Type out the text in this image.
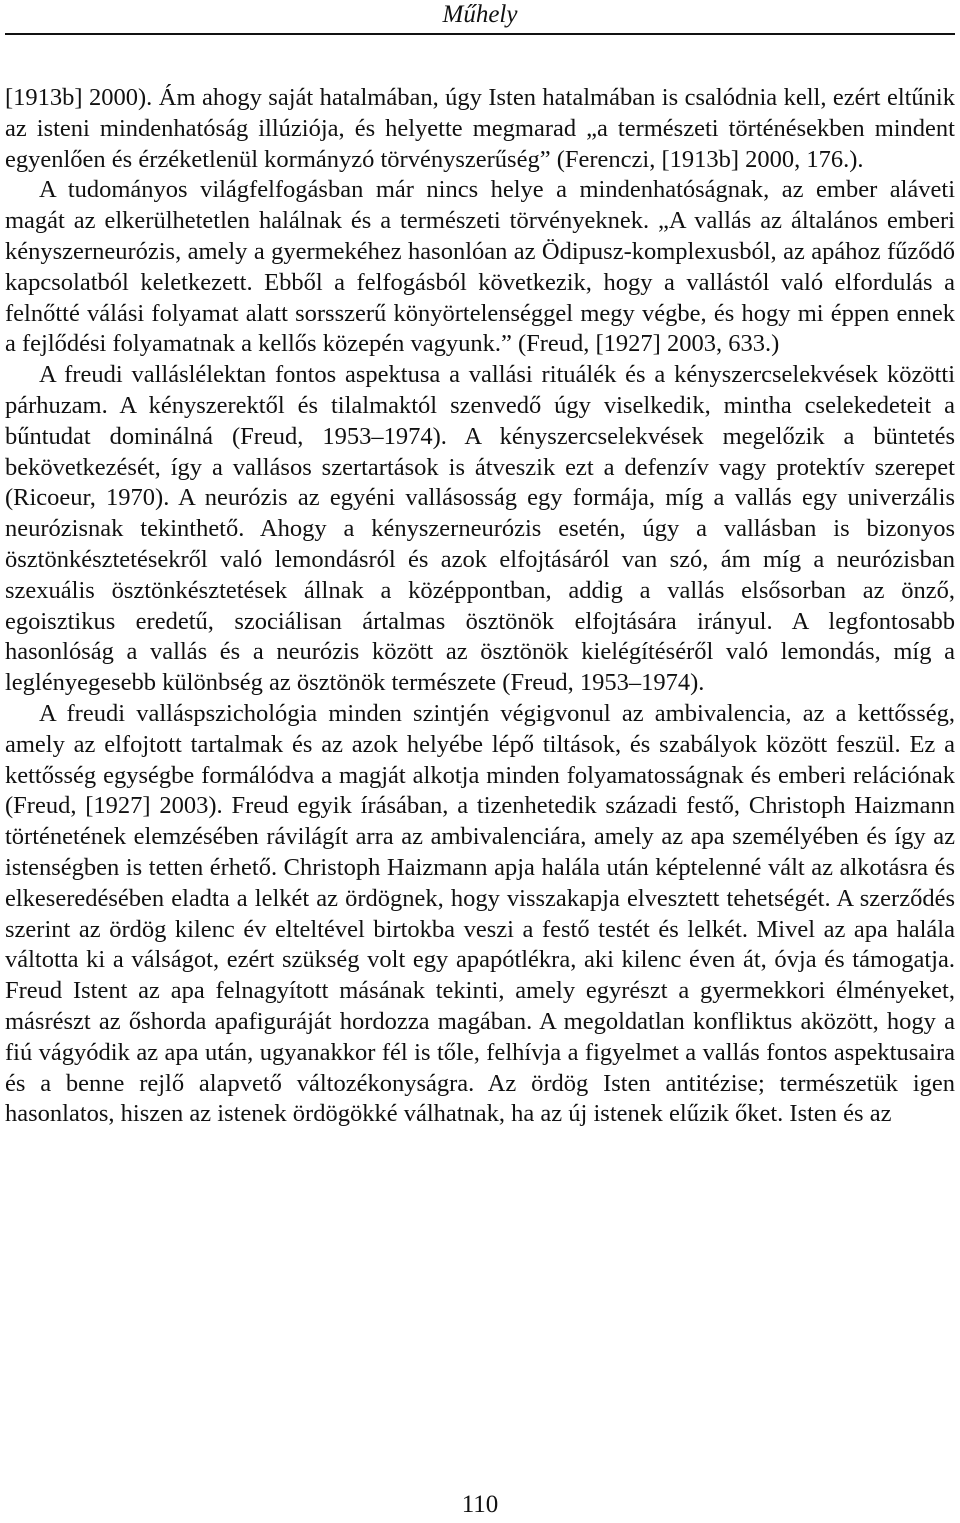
Műhely

[1913b] 2000). Ám ahogy saját hatalmában, úgy Isten hatalmában is csalódnia kell, ezért eltűnik az isteni mindenhatóság illúziója, és helyette megmarad „a természeti történésekben mindent egyenlően és érzéketlenül kormányzó törvényszerűség” (Ferenczi, [1913b] 2000, 176.).

A tudományos világfelfogásban már nincs helye a mindenhatóságnak, az ember aláveti magát az elkerülhetetlen halálnak és a természeti törvényeknek. „A vallás az általános emberi kényszerneurózis, amely a gyermekéhez hasonlóan az Ödipusz-komplexusból, az apához fűződő kapcsolatból keletkezett. Ebből a felfogásból következik, hogy a vallástól való elfordulás a felnőtté válási folyamat alatt sorsszerű könyörtelenséggel megy végbe, és hogy mi éppen ennek a fejlődési folyamatnak a kellős közepén vagyunk.” (Freud, [1927] 2003, 633.)

A freudi valláslélektan fontos aspektusa a vallási rituálék és a kényszercselekvések közötti párhuzam. A kényszerektől és tilalmaktól szenvedő úgy viselkedik, mintha cselekedeteit a bűntudat dominálná (Freud, 1953–1974). A kényszercselekvések megelőzik a büntetés bekövetkezését, így a vallásos szertartások is átveszik ezt a defenzív vagy protektív szerepet (Ricoeur, 1970). A neurózis az egyéni vallásosság egy formája, míg a vallás egy univerzális neurózisnak tekinthető. Ahogy a kényszerneurózis esetén, úgy a vallásban is bizonyos ösztönkésztetésekről való lemondásról és azok elfojtásáról van szó, ám míg a neurózisban szexuális ösztönkésztetések állnak a középpontban, addig a vallás elsősorban az önző, egoisztikus eredetű, szociálisan ártalmas ösztönök elfojtására irányul. A legfontosabb hasonlóság a vallás és a neurózis között az ösztönök kielégítéséről való lemondás, míg a leglényegesebb különbség az ösztönök természete (Freud, 1953–1974).

A freudi valláspszichológia minden szintjén végigvonul az ambivalencia, az a kettősség, amely az elfojtott tartalmak és az azok helyébe lépő tiltások, és szabályok között feszül. Ez a kettősség egységbe formálódva a magját alkotja minden folyamatosságnak és emberi relációnak (Freud, [1927] 2003). Freud egyik írásában, a tizenhetedik századi festő, Christoph Haizmann történetének elemzésében rávilágít arra az ambivalenciára, amely az apa személyében és így az istenségben is tetten érhető. Christoph Haizmann apja halála után képtelenné vált az alkotásra és elkeseredésében eladta a lelkét az ördögnek, hogy visszakapja elvesztett tehetségét. A szerződés szerint az ördög kilenc év elteltével birtokba veszi a festő testét és lelkét. Mivel az apa halála váltotta ki a válságot, ezért szükség volt egy apapótlékra, aki kilenc éven át, óvja és támogatja. Freud Istent az apa felnagyított másának tekinti, amely egyrészt a gyermekkori élményeket, másrészt az őshorda apafiguráját hordozza magában. A megoldatlan konfliktus aközött, hogy a fiú vágyódik az apa után, ugyanakkor fél is tőle, felhívja a figyelmet a vallás fontos aspektusaira és a benne rejlő alapvető változékonyságra. Az ördög Isten antitézise; természetük igen hasonlatos, hiszen az istenek ördögökké válhatnak, ha az új istenek elűzik őket. Isten és az

110
